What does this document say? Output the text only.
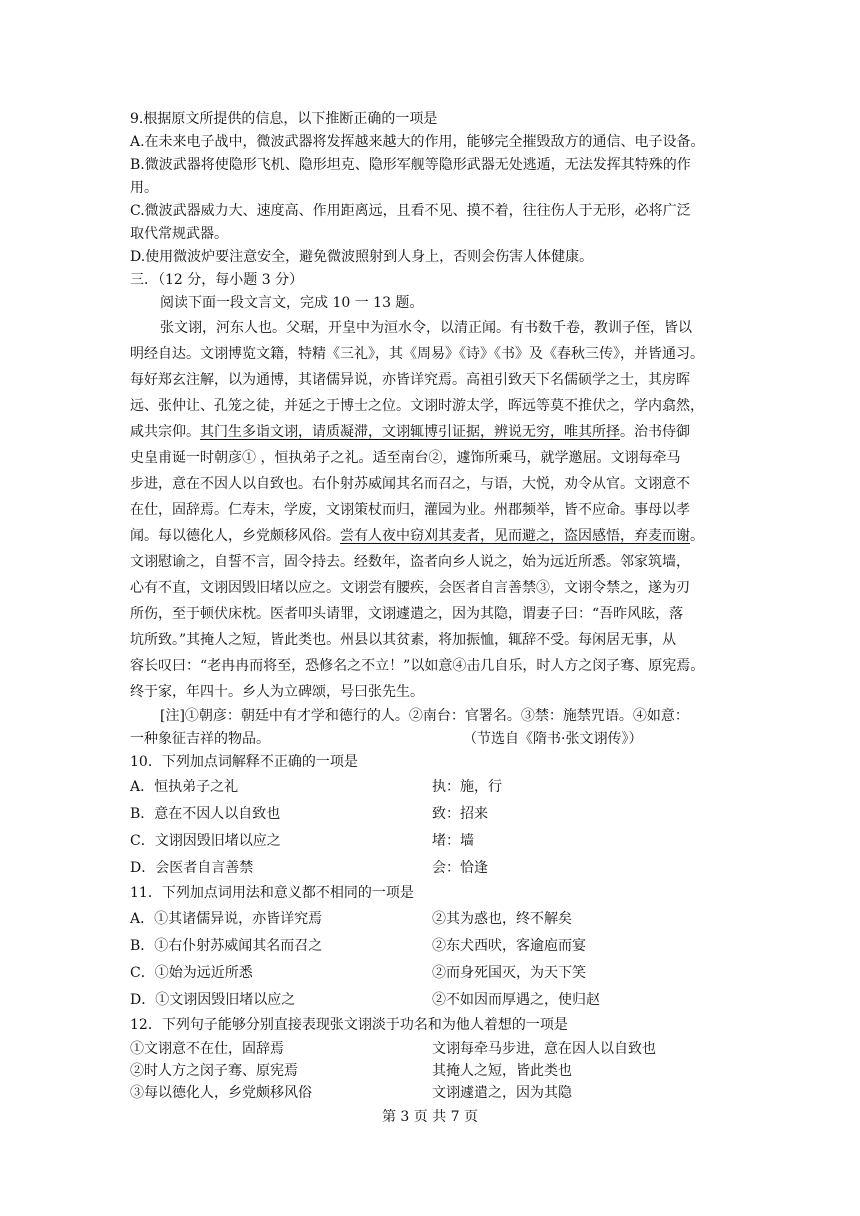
9.根据原文所提供的信息，以下推断正确的一项是
A.在未来电子战中，微波武器将发挥越来越大的作用，能够完全摧毁敌方的通信、电子设备。
B.微波武器将使隐形飞机、隐形坦克、隐形军舰等隐形武器无处逃遁，无法发挥其特殊的作
用。
C.微波武器威力大、速度高、作用距离远，且看不见、摸不着，往往伤人于无形，必将广泛
取代常规武器。
D.使用微波炉要注意安全，避免微波照射到人身上，否则会伤害人体健康。
三．（12 分，每小题 3 分）
阅读下面一段文言文，完成 10 一 13 题。
张文诩，河东人也。父琚，开皇中为洹水令，以清正闻。有书数千卷，教训子侄，皆以
明经自达。文诩博览文籍，特精《三礼》，其《周易》《诗》《书》及《春秋三传》，并皆通习。
每好郑玄注解，以为通博，其诸儒异说，亦皆详究焉。高祖引致天下名儒硕学之士，其房晖
远、张仲让、孔笼之徒，并延之于博士之位。文诩时游太学，晖远等莫不推伏之，学内翕然，
咸共宗仰。其门生多诣文诩，请质凝滞，文诩辄博引证据，辨说无穷，唯其所择。治书侍御
史皇甫诞一时朝彦① ，恒执弟子之礼。适至南台②，遽饰所乘马，就学邀屈。文诩每牵马
步进，意在不因人以自致也。右仆射苏威闻其名而召之，与语，大悦，劝令从官。文诩意不
在仕，固辞焉。仁寿末，学废，文诩策杖而归，灌园为业。州郡频举，皆不应命。事母以孝
闻。每以德化人，乡党颇移风俗。尝有人夜中窃刈其麦者，见而避之，盗因感悟，弃麦而谢。
文诩慰谕之，自誓不言，固令持去。经数年，盗者向乡人说之，始为远近所悉。邻家筑墙，
心有不直，文诩因毁旧堵以应之。文诩尝有腰疾，会医者自言善禁③，文诩令禁之，遂为刃
所伤，至于顿伏床枕。医者叩头请罪，文诩遽遣之，因为其隐，谓妻子曰：“吾昨风眩，落
坑所致。”其掩人之短，皆此类也。州县以其贫素，将加振恤，辄辞不受。每闲居无事，从
容长叹曰：“老冉冉而将至，恐修名之不立！”以如意④击几自乐，时人方之闵子骞、原宪焉。
终于家，年四十。乡人为立碑颂，号曰张先生。
[注]①朝彦：朝廷中有才学和德行的人。②南台：官署名。③禁：施禁咒语。④如意：
一种象征吉祥的物品。	（节选自《隋书·张文诩传》）
10．下列加点词解释不正确的一项是
A．恒执弟子之礼	执：施，行
B．意在不因人以自致也	致：招来
C．文诩因毁旧堵以应之	堵：墙
D．会医者自言善禁	会：恰逢
11．下列加点词用法和意义都不相同的一项是
A．①其诸儒异说，亦皆详究焉	②其为惑也，终不解矣
B．①右仆射苏威闻其名而召之	②东犬西吠，客逾庖而宴
C．①始为远近所悉	②而身死国灭，为天下笑
D．①文诩因毁旧堵以应之	②不如因而厚遇之，使归赵
12．下列句子能够分别直接表现张文诩淡于功名和为他人着想的一项是
①文诩意不在仕，固辞焉	文诩每牵马步进，意在因人以自致也
②时人方之闵子骞、原宪焉	其掩人之短，皆此类也
③每以德化人，乡党颇移风俗	文诩遽遣之，因为其隐
第 3 页 共 7 页
